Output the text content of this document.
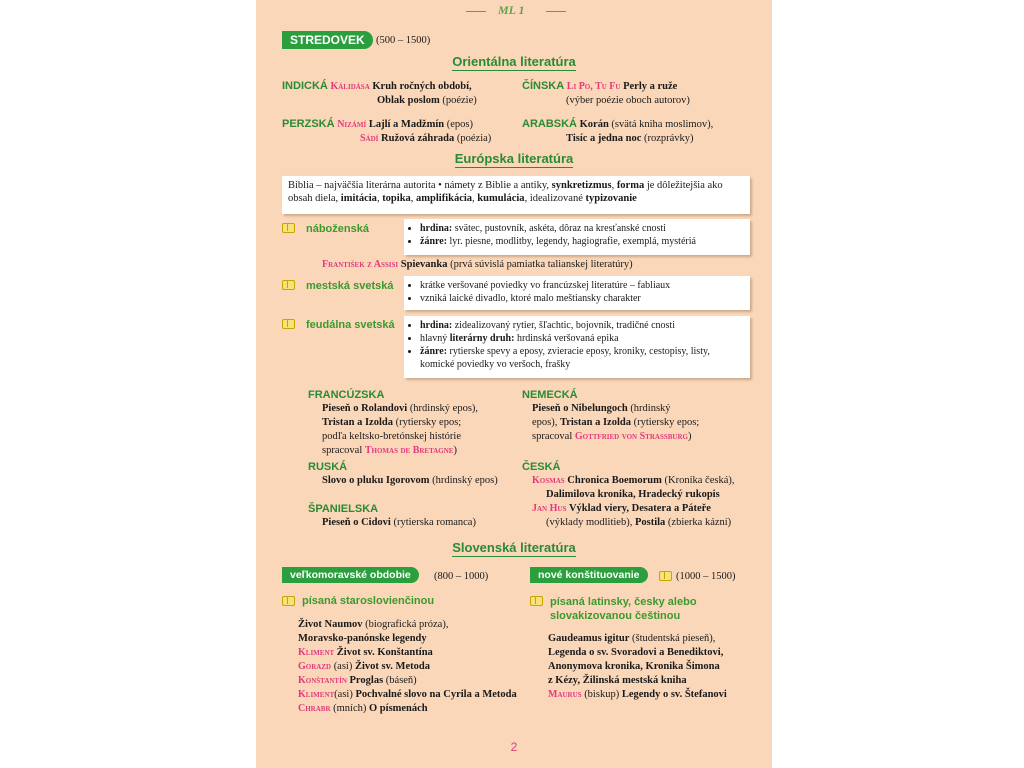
ML 1
STREDOVEK	(500 – 1500)
Orientálna literatúra
INDICKÁ Kálidása Kruh ročných období,
Oblak poslom (poézie)
ČÍNSKA Li Po, Tu Fu Perly a ruže
(výber poézie oboch autorov)
PERZSKÁ Nizámí Lajlí a Madžmín (epos)
Sádí Ružová záhrada (poézia)
ARABSKÁ Korán (svätá kniha moslimov),
Tisíc a jedna noc (rozprávky)
Európska literatúra
Biblia – najväčšia literárna autorita • námety z Biblie a antiky, synkretizmus, forma je dôležitejšia ako obsah diela, imitácia, topika, amplifikácia, kumulácia, idealizované typizovanie
náboženská	• hrdina: svätec, pustovník, askéta, dôraz na kresťanské cnosti
• žánre: lyr. piesne, modlitby, legendy, hagiografie, exemplá, mystériá
František z Assisi Spievanka (prvá súvislá pamiatka talianskej literatúry)
mestská svetská	• krátke veršované poviedky vo francúzskej literatúre – fabliaux
• vzniká laické divadlo, ktoré malo meštiansky charakter
feudálna svetská	• hrdina: zidealizovaný rytier, šľachtic, bojovník, tradičné cnosti
• hlavný literárny druh: hrdinská veršovaná epika
• žánre: rytierske spevy a eposy, zvieracie eposy, kroniky, cestopisy, listy, komické poviedky vo veršoch, frašky
FRANCÚZSKA
Pieseň o Rolandovi (hrdinský epos),
Tristan a Izolda (rytiersky epos;
podľa keltsko-bretónskej histórie
spracoval Thomas de Bretagne)
NEMECKÁ
Pieseň o Nibelungoch (hrdinský
epos), Tristan a Izolda (rytiersky epos;
spracoval Gottfried von Strassburg)
RUSKÁ
Slovo o pluku Igorovom (hrdinský epos)
ČESKÁ
Kosmas Chronica Boemorum (Kronika česká),
Dalimilova kronika, Hradecký rukopis
Jan Hus Výklad viery, Desatera a Páteře
(výklady modlitieb), Postila (zbierka kázní)
ŠPANIELSKA
Pieseň o Cidovi (rytierska romanca)
Slovenská literatúra
veľkomoravské obdobie	(800 – 1000)	nové konštituovanie	(1000 – 1500)
písaná staroslovienčinou
Život Naumov (biografická próza),
Moravsko-panónske legendy
Kliment Život sv. Konštantína
Gorazd (asi) Život sv. Metoda
Konštantín Proglas (báseň)
Kliment(asi) Pochvalné slovo na Cyrila a Metoda
Chrabr (mních) O písmenách
písaná latinsky, česky alebo
slovakizovanou češtinou
Gaudeamus igitur (študentská pieseň),
Legenda o sv. Svoradovi a Benediktovi,
Anonymova kronika, Kronika Šimona
z Kézy, Žilinská mestská kniha
Maurus (biskup) Legendy o sv. Štefanovi
2
